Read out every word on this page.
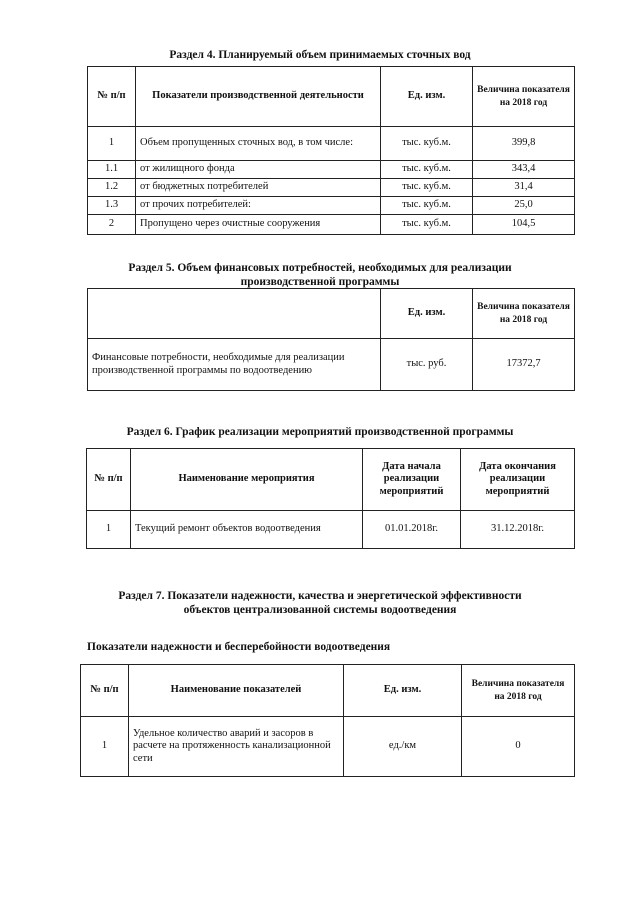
Раздел 4. Планируемый объем принимаемых сточных вод
№ п/п	Показатели производственной деятельности	Ед. изм.	Величина показателя на 2018 год
1	Объем пропущенных сточных вод, в том числе:	тыс. куб.м.	399,8
1.1	от жилищного фонда	тыс. куб.м.	343,4
1.2	от бюджетных потребителей	тыс. куб.м.	31,4
1.3	от прочих потребителей:	тыс. куб.м.	25,0
2	Пропущено через очистные сооружения	тыс. куб.м.	104,5
Раздел 5. Объем финансовых потребностей, необходимых для реализации
производственной программы
	Ед. изм.	Величина показателя на 2018 год
Финансовые потребности, необходимые для реализации производственной программы по водоотведению	тыс. руб.	17372,7
Раздел 6. График реализации мероприятий производственной программы
№ п/п	Наименование мероприятия	Дата начала реализации мероприятий	Дата окончания реализации мероприятий
1	Текущий ремонт объектов водоотведения	01.01.2018г.	31.12.2018г.
Раздел 7. Показатели надежности, качества и энергетической эффективности
объектов централизованной системы водоотведения
Показатели надежности и бесперебойности водоотведения
№ п/п	Наименование показателей	Ед. изм.	Величина показателя на 2018 год
1	Удельное количество аварий и засоров в расчете на протяженность канализационной сети	ед./км	0
